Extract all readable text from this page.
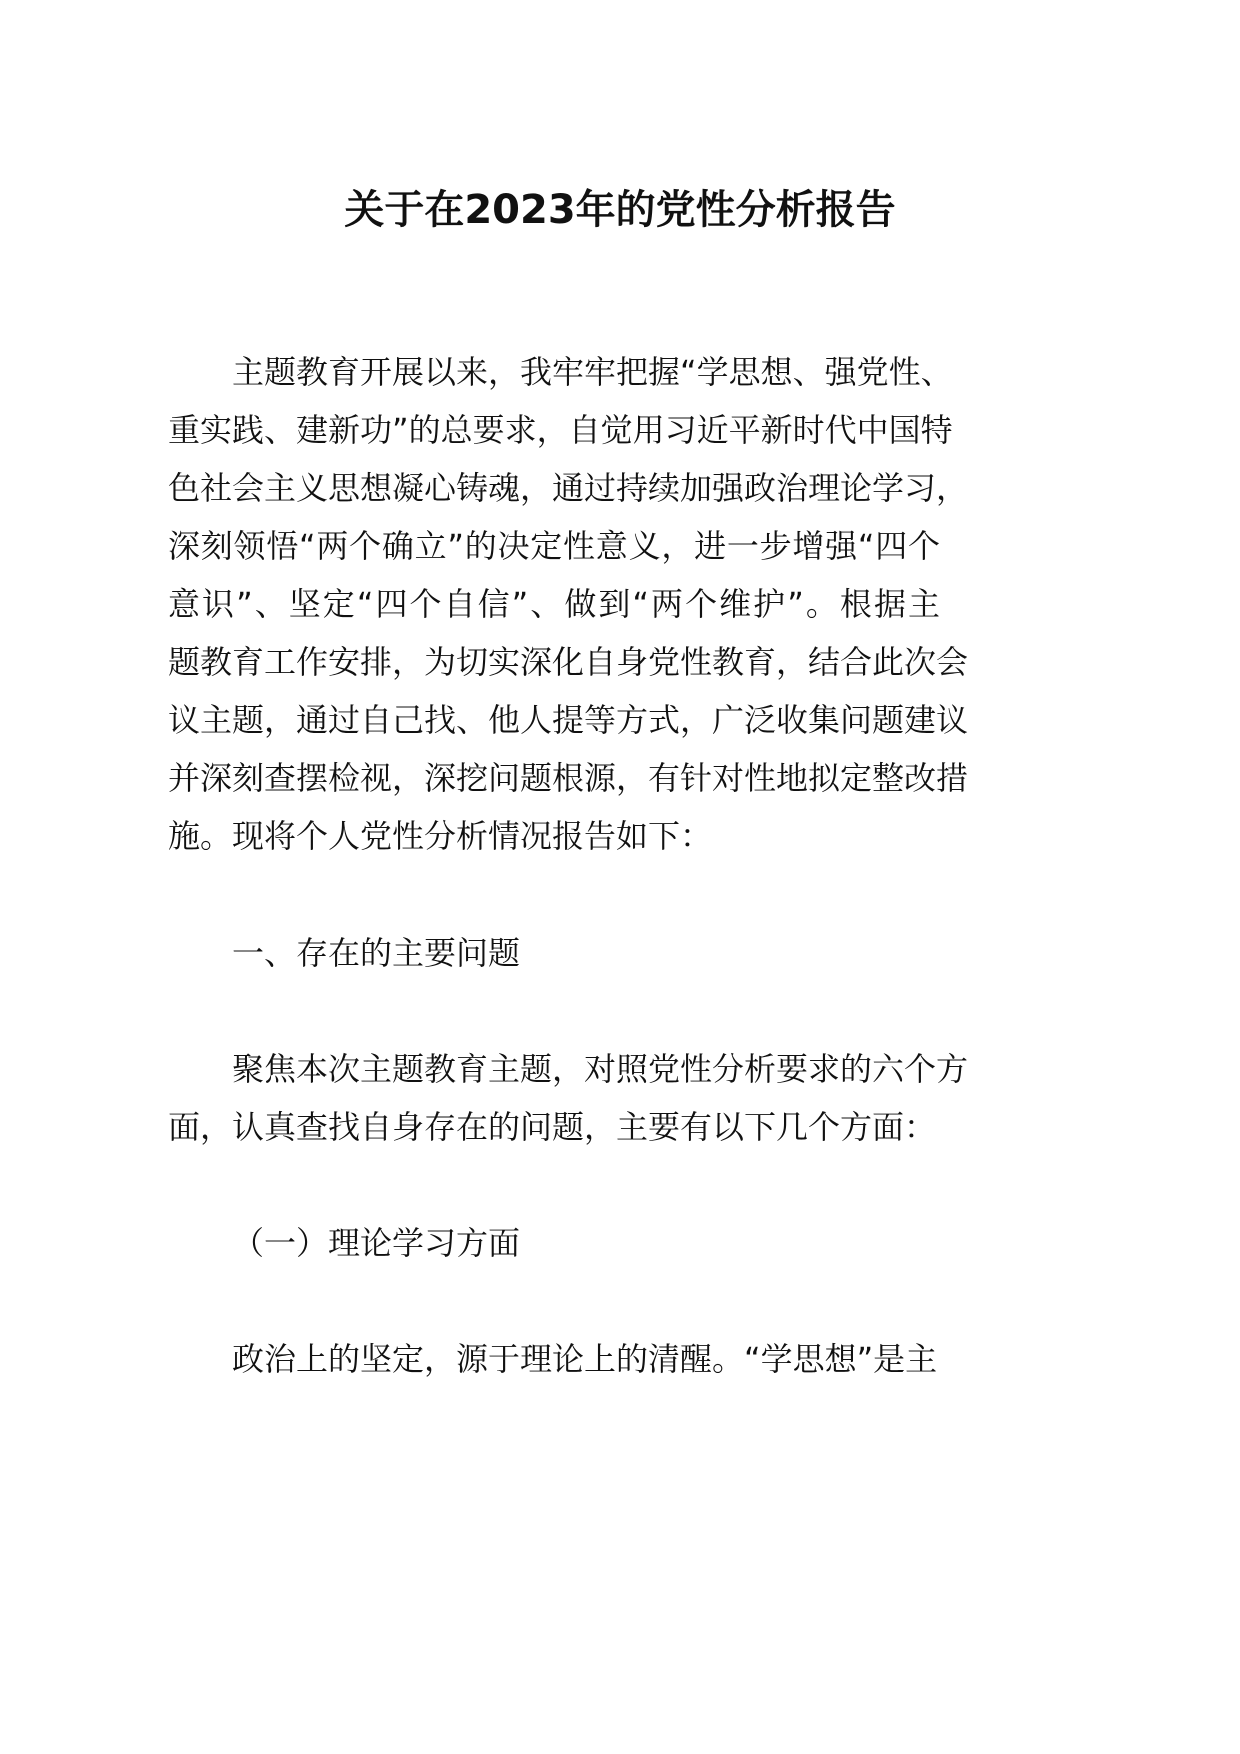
关于在2023年的党性分析报告
主题教育开展以来，我牢牢把握“学思想、强党性、
重实践、建新功”的总要求，自觉用习近平新时代中国特
色社会主义思想凝心铸魂，通过持续加强政治理论学习，
深刻领悟“两个确立”的决定性意义，进一步增强“四个
意识”、坚定“四个自信”、做到“两个维护”。根据主
题教育工作安排，为切实深化自身党性教育，结合此次会
议主题，通过自己找、他人提等方式，广泛收集问题建议
并深刻查摆检视，深挖问题根源，有针对性地拟定整改措
施。现将个人党性分析情况报告如下：
一、存在的主要问题
聚焦本次主题教育主题，对照党性分析要求的六个方
面，认真查找自身存在的问题，主要有以下几个方面：
（一）理论学习方面
政治上的坚定，源于理论上的清醒。“学思想”是主
